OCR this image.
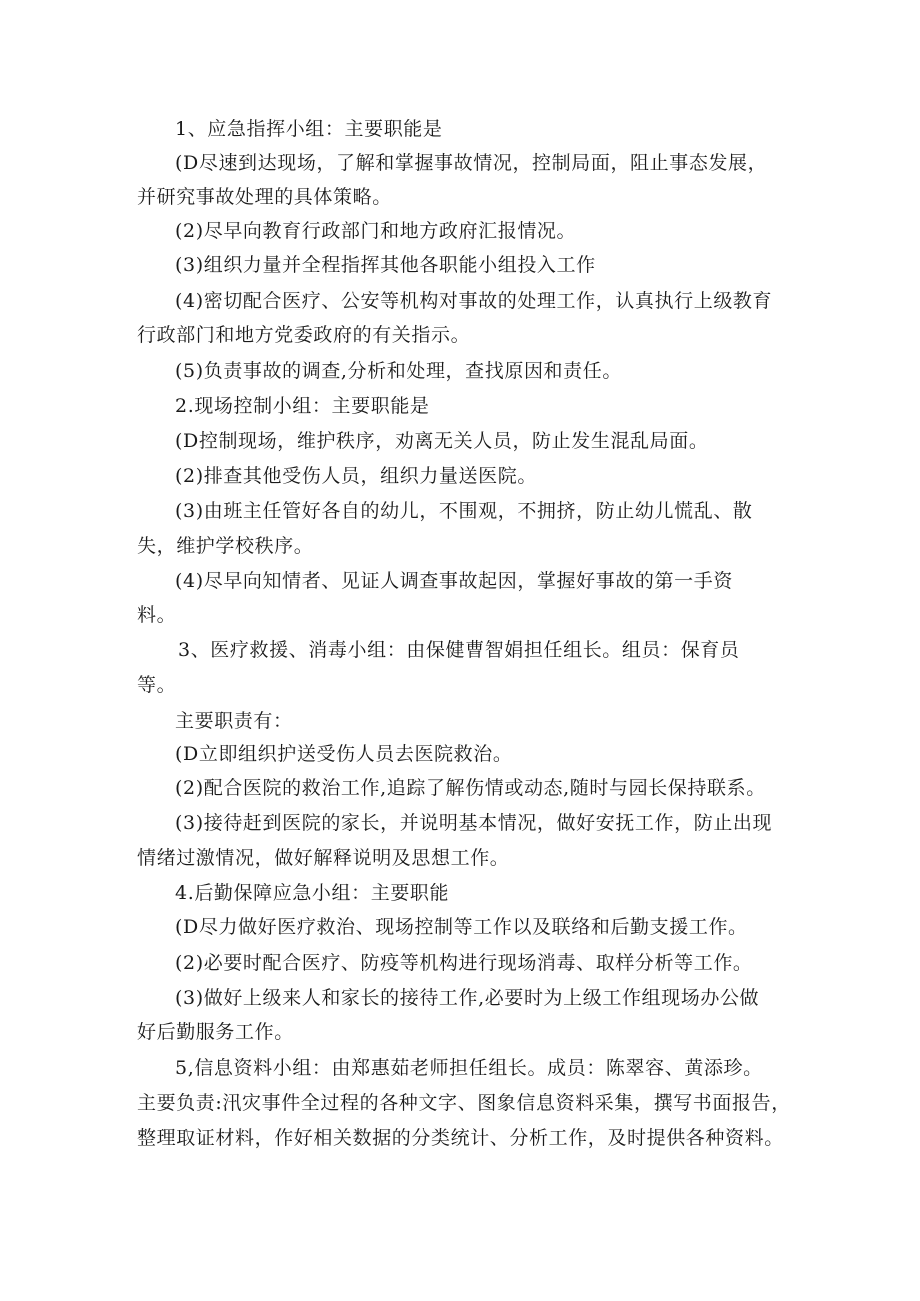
1、应急指挥小组：主要职能是
(D尽速到达现场，了解和掌握事故情况，控制局面，阻止事态发展，
并研究事故处理的具体策略。
(2)尽早向教育行政部门和地方政府汇报情况。
(3)组织力量并全程指挥其他各职能小组投入工作
(4)密切配合医疗、公安等机构对事故的处理工作，认真执行上级教育
行政部门和地方党委政府的有关指示。
(5)负责事故的调查,分析和处理，查找原因和责任。
2.现场控制小组：主要职能是
(D控制现场，维护秩序，劝离无关人员，防止发生混乱局面。
(2)排查其他受伤人员，组织力量送医院。
(3)由班主任管好各自的幼儿，不围观，不拥挤，防止幼儿慌乱、散
失，维护学校秩序。
(4)尽早向知情者、见证人调查事故起因，掌握好事故的第一手资
料。
3、医疗救援、消毒小组：由保健曹智娟担任组长。组员：保育员
等。
主要职责有：
(D立即组织护送受伤人员去医院救治。
(2)配合医院的救治工作,追踪了解伤情或动态,随时与园长保持联系。
(3)接待赶到医院的家长，并说明基本情况，做好安抚工作，防止出现
情绪过激情况，做好解释说明及思想工作。
4.后勤保障应急小组：主要职能
(D尽力做好医疗救治、现场控制等工作以及联络和后勤支援工作。
(2)必要时配合医疗、防疫等机构进行现场消毒、取样分析等工作。
(3)做好上级来人和家长的接待工作,必要时为上级工作组现场办公做
好后勤服务工作。
5,信息资料小组：由郑惠茹老师担任组长。成员：陈翠容、黄添珍。
主要负责:汛灾事件全过程的各种文字、图象信息资料采集，撰写书面报告，
整理取证材料，作好相关数据的分类统计、分析工作，及时提供各种资料。
